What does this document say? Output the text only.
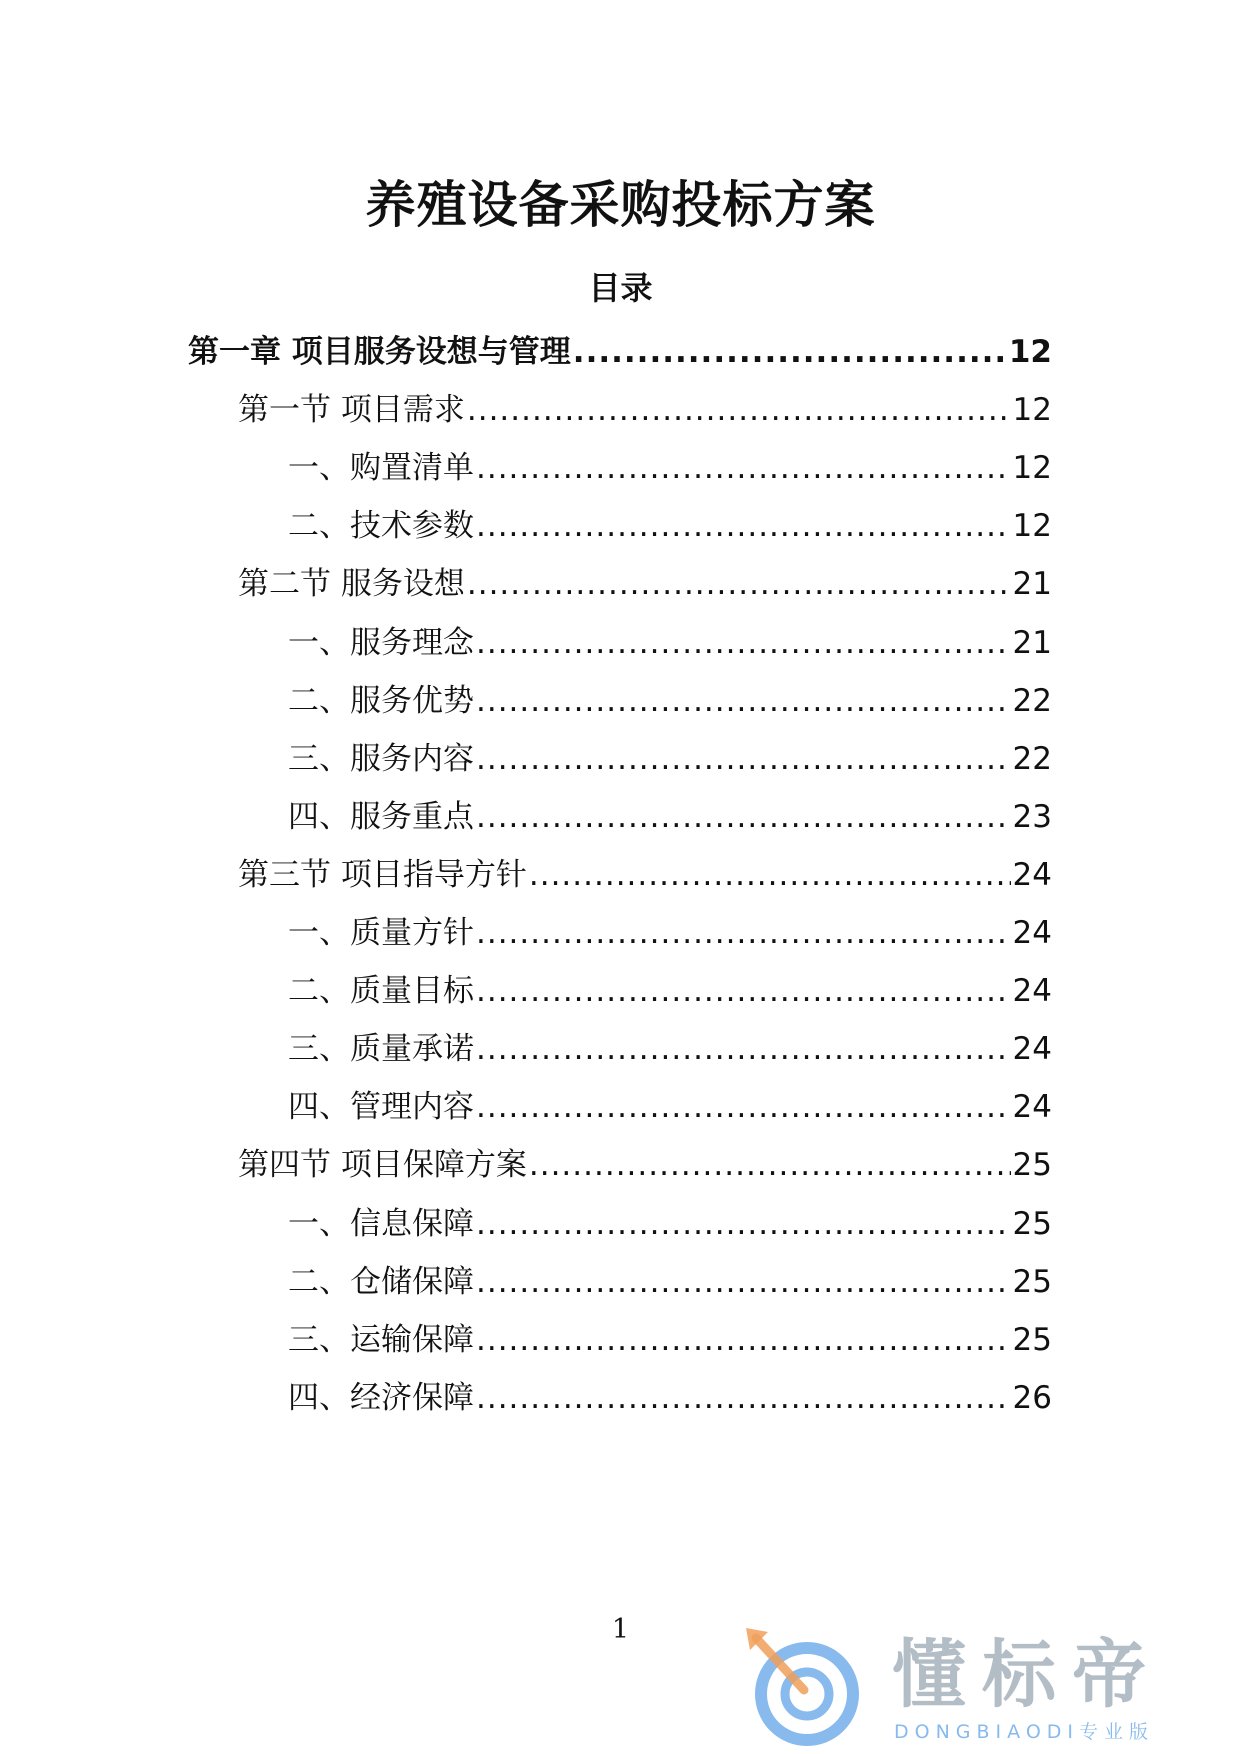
养殖设备采购投标方案
目录
第一章 项目服务设想与管理 .....	12
第一节 项目需求 .....	12
一、购置清单 .....	12
二、技术参数 .....	12
第二节 服务设想 .....	21
一、服务理念 .....	21
二、服务优势 .....	22
三、服务内容 .....	22
四、服务重点 .....	23
第三节 项目指导方针 .....	24
一、质量方针 .....	24
二、质量目标 .....	24
三、质量承诺 .....	24
四、管理内容 .....	24
第四节 项目保障方案 .....	25
一、信息保障 .....	25
二、仓储保障 .....	25
三、运输保障 .....	25
四、经济保障 .....	26
1
懂标帝
DONGBIAODI专业版
